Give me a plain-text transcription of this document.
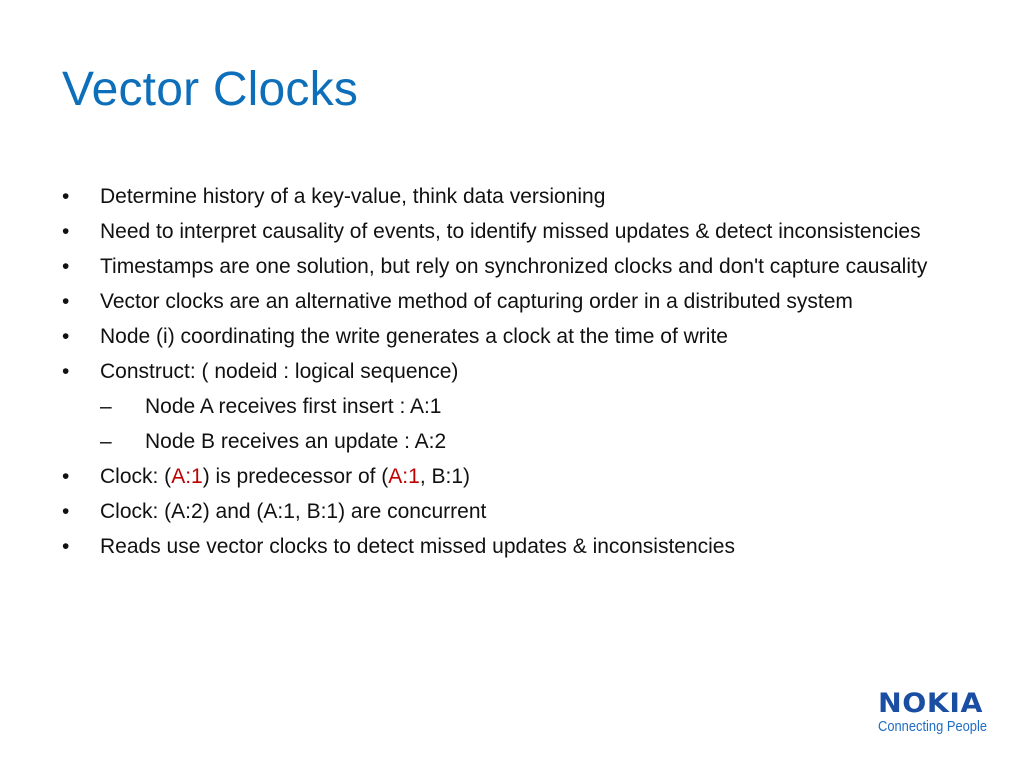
Vector Clocks
•	Determine history of a key-value, think data versioning
•	Need to interpret causality of events, to identify missed updates & detect inconsistencies
•	Timestamps are one solution, but rely on synchronized clocks and don't capture causality
•	Vector clocks are an alternative method of capturing order in a distributed system
•	Node (i) coordinating the write generates a clock at the time of write
•	Construct: ( nodeid : logical sequence)
–	Node A receives first insert : A:1
–	Node B receives an update : A:2
•	Clock: (A:1) is predecessor of (A:1, B:1)
•	Clock: (A:2) and (A:1, B:1) are concurrent
•	Reads use vector clocks to detect missed updates & inconsistencies
NOKIA
Connecting People
